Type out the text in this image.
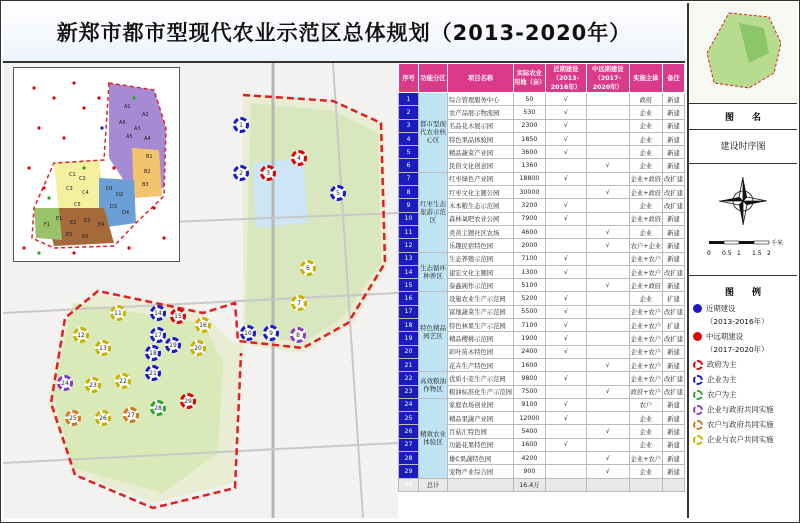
新郑市都市型现代农业示范区总体规划（2013-2020年）
A1
A2
A3
A4
A5
A6
B1
B2
B3
C1
C2
C3
C4
C5
D1
D2
D3
D4
E1
E2 E3
E4
E5 E6
F1
1
2	3
4
5
6
7
8
9
10
11
12
13
14	15
16
17
18
19	20
21
22
23
24
25	26	27
28
29
序号	功能分区	项目名称	实际农业用地（亩）	近期建设（2013-2016年）	中远期建设（2017-2020年）	实施主体	备注
1	都市型现代农业核心区	综合管理服务中心	50	√		政府	新建
2		农产品展示物流园	530	√		企业	新建
3		名品花木展示园	2300	√		企业	新建
4		特色果品体验园	1850	√		企业	新建
5		精品蔬菜产业园	3600	√		企业	新建
6		民俗文化创意园	1360		√	企业	新建
7	红枣生态旅游示范区	红枣绿色产业园	18800	√		企业+政府	改扩建
8		红枣文化主题公园	30000		√	企业+政府	改扩建
9		木本粮生态示范园	3200	√		企业	改扩建
10		森林氧吧农业公园	7900	√		企业+政府	新建
11		炎黄主题社区农场	4600		√	企业	新建
12		乐趣民宿特色园	2000		√	农户+企业	新建
13	生态循环种养区	生态养殖示范园	7100	√		企业+农户	新建
14		建宏文化主题园	1300	√		企业+农户	改扩建
15		泰鑫阁作示范园	5100		√	企业+政府	新建
16	特色精品园艺区	设施农业生产示范园	5200	√		企业	扩建
17		富地蔬菜生产示范园	5500	√		企业+农户	改扩建
18		特色林果生产示范园	7100	√		企业+农户	扩建
19		精品樱桃示范园	1900	√		企业+农户	改扩建
20		彩叶苗木特色园	2400	√		企业+农户	新建
21		花卉生产特色园	1600		√	企业+农户	新建
22	高效粮油作物区	优质小麦生产示范园	9800	√		企业+农户	改扩建
23		粮油标准化生产示范园	7500		√	政府+农户	改扩建
24	精致农业体验区	家庭农场创业园	9100	√		农户	新建
25		精品果蔬产业园	12000	√		企业	新建
26		百菇汇特色园	5400		√	企业	新建
27		功能花果特色园	1600	√		企业	新建
28		雄C果蔬特色园	4200		√	企业+农户	新建
29		宠物产业综合园	900		√	企业	新建
30	总计		16.4万				
图　　名
建设时序图
0 0.5 1 1.5 2
千米
图　　例
近期建设
（2013-2016年）
中远期建设
（2017-2020年）
政府为主
企业为主
农户为主
企业与政府共同实施
农户与政府共同实施
企业与农户共同实施
